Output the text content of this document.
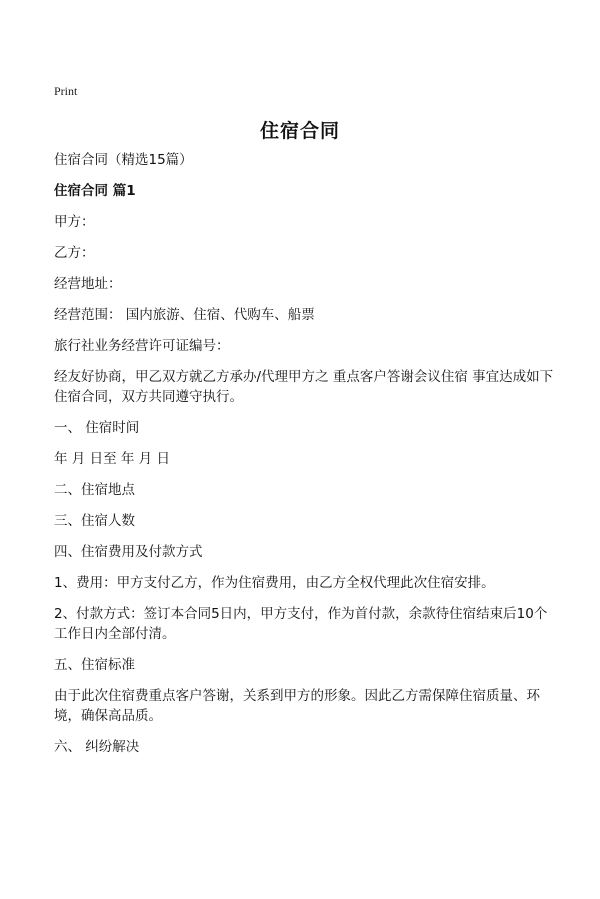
Print
住宿合同

住宿合同（精选15篇）

住宿合同 篇1

甲方：

乙方：

经营地址：

经营范围： 国内旅游、住宿、代购车、船票

旅行社业务经营许可证编号：

经友好协商，甲乙双方就乙方承办/代理甲方之 重点客户答谢会议住宿 事宜达成如下住宿合同，双方共同遵守执行。

一、 住宿时间

年 月 日至 年 月 日

二、住宿地点

三、住宿人数

四、住宿费用及付款方式

1、费用：甲方支付乙方，作为住宿费用，由乙方全权代理此次住宿安排。

2、付款方式：签订本合同5日内，甲方支付，作为首付款，余款待住宿结束后10个工作日内全部付清。

五、住宿标准

由于此次住宿费重点客户答谢，关系到甲方的形象。因此乙方需保障住宿质量、环境，确保高品质。

六、 纠纷解决
